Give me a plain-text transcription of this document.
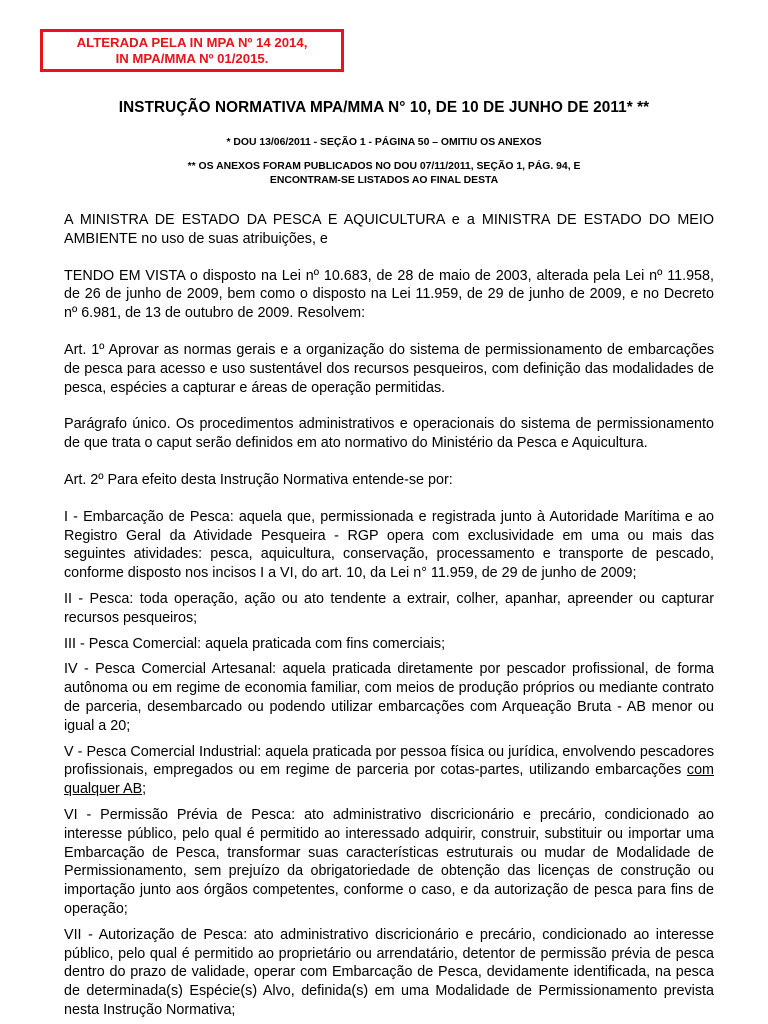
ALTERADA PELA IN MPA Nº 14 2014,
IN MPA/MMA Nº 01/2015.
INSTRUÇÃO NORMATIVA MPA/MMA N° 10, DE 10 DE JUNHO DE 2011* **
* DOU 13/06/2011 - SEÇÃO 1 - PÁGINA 50 – OMITIU OS ANEXOS
** OS ANEXOS FORAM PUBLICADOS NO DOU 07/11/2011, SEÇÃO 1, PÁG. 94, E
ENCONTRAM-SE LISTADOS AO FINAL DESTA

A MINISTRA DE ESTADO DA PESCA E AQUICULTURA e a MINISTRA DE ESTADO DO MEIO AMBIENTE no uso de suas atribuições, e

TENDO EM VISTA o disposto na Lei nº 10.683, de 28 de maio de 2003, alterada pela Lei nº 11.958, de 26 de junho de 2009, bem como o disposto na Lei 11.959, de 29 de junho de 2009, e no Decreto nº 6.981, de 13 de outubro de 2009. Resolvem:

Art. 1º Aprovar as normas gerais e a organização do sistema de permissionamento de embarcações de pesca para acesso e uso sustentável dos recursos pesqueiros, com definição das modalidades de pesca, espécies a capturar e áreas de operação permitidas.

Parágrafo único. Os procedimentos administrativos e operacionais do sistema de permissionamento de que trata o caput serão definidos em ato normativo do Ministério da Pesca e Aquicultura.

Art. 2º Para efeito desta Instrução Normativa entende-se por:

I - Embarcação de Pesca: aquela que, permissionada e registrada junto à Autoridade Marítima e ao Registro Geral da Atividade Pesqueira - RGP opera com exclusividade em uma ou mais das seguintes atividades: pesca, aquicultura, conservação, processamento e transporte de pescado, conforme disposto nos incisos I a VI, do art. 10, da Lei n° 11.959, de 29 de junho de 2009;

II - Pesca: toda operação, ação ou ato tendente a extrair, colher, apanhar, apreender ou capturar recursos pesqueiros;

III - Pesca Comercial: aquela praticada com fins comerciais;

IV - Pesca Comercial Artesanal: aquela praticada diretamente por pescador profissional, de forma autônoma ou em regime de economia familiar, com meios de produção próprios ou mediante contrato de parceria, desembarcado ou podendo utilizar embarcações com Arqueação Bruta - AB menor ou igual a 20;

V - Pesca Comercial Industrial: aquela praticada por pessoa física ou jurídica, envolvendo pescadores profissionais, empregados ou em regime de parceria por cotas-partes, utilizando embarcações com qualquer AB;

VI - Permissão Prévia de Pesca: ato administrativo discricionário e precário, condicionado ao interesse público, pelo qual é permitido ao interessado adquirir, construir, substituir ou importar uma Embarcação de Pesca, transformar suas características estruturais ou mudar de Modalidade de Permissionamento, sem prejuízo da obrigatoriedade de obtenção das licenças de construção ou importação junto aos órgãos competentes, conforme o caso, e da autorização de pesca para fins de operação;

VII - Autorização de Pesca: ato administrativo discricionário e precário, condicionado ao interesse público, pelo qual é permitido ao proprietário ou arrendatário, detentor de permissão prévia de pesca dentro do prazo de validade, operar com Embarcação de Pesca, devidamente identificada, na pesca de determinada(s) Espécie(s) Alvo, definida(s) em uma Modalidade de Permissionamento prevista nesta Instrução Normativa;
